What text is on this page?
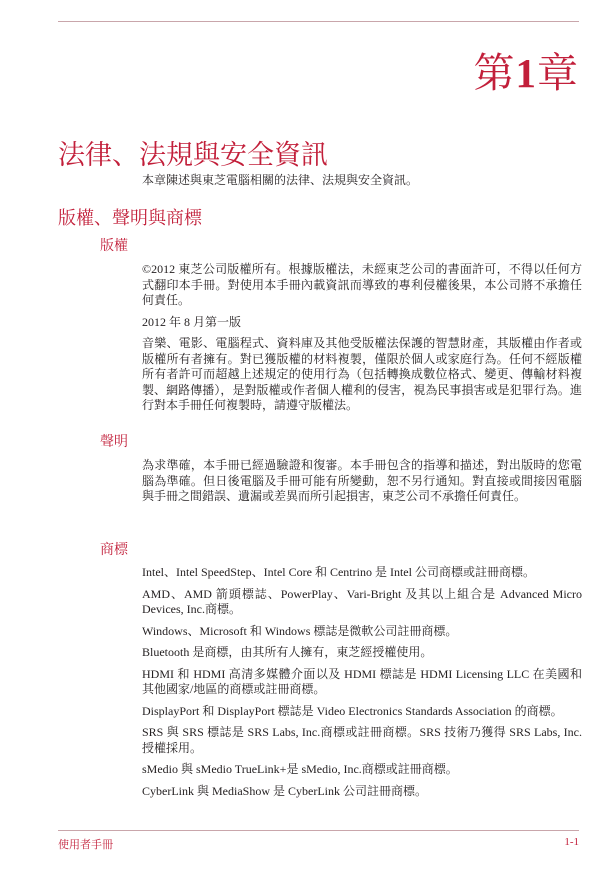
第1章
法律、法規與安全資訊
本章陳述與東芝電腦相關的法律、法規與安全資訊。
版權、聲明與商標
版權

©2012 東芝公司版權所有。根據版權法，未經東芝公司的書面許可，不得以任何方式翻印本手冊。對使用本手冊內載資訊而導致的專利侵權後果，本公司將不承擔任何責任。

2012 年 8 月第一版

音樂、電影、電腦程式、資料庫及其他受版權法保護的智慧財產，其版權由作者或版權所有者擁有。對已獲版權的材料複製，僅限於個人或家庭行為。任何不經版權所有者許可而超越上述規定的使用行為（包括轉換成數位格式、變更、傳輸材料複製、網路傳播），是對版權或作者個人權利的侵害，視為民事損害或是犯罪行為。進行對本手冊任何複製時，請遵守版權法。

聲明

為求準確，本手冊已經過驗證和復審。本手冊包含的指導和描述，對出版時的您電腦為準確。但日後電腦及手冊可能有所變動，恕不另行通知。對直接或間接因電腦與手冊之間錯誤、遺漏或差異而所引起損害，東芝公司不承擔任何責任。

商標

Intel、Intel SpeedStep、Intel Core 和 Centrino 是 Intel 公司商標或註冊商標。

AMD、AMD 箭頭標誌、PowerPlay、Vari-Bright 及其以上組合是 Advanced Micro Devices, Inc.商標。

Windows、Microsoft 和 Windows 標誌是微軟公司註冊商標。

Bluetooth 是商標，由其所有人擁有，東芝經授權使用。

HDMI 和 HDMI 高清多媒體介面以及 HDMI 標誌是 HDMI Licensing LLC 在美國和其他國家/地區的商標或註冊商標。

DisplayPort 和 DisplayPort 標誌是 Video Electronics Standards Association 的商標。

SRS 與 SRS 標誌是 SRS Labs, Inc.商標或註冊商標。SRS 技術乃獲得 SRS Labs, Inc.授權採用。

sMedio 與 sMedio TrueLink+是 sMedio, Inc.商標或註冊商標。

CyberLink 與 MediaShow 是 CyberLink 公司註冊商標。

使用者手冊	1-1
